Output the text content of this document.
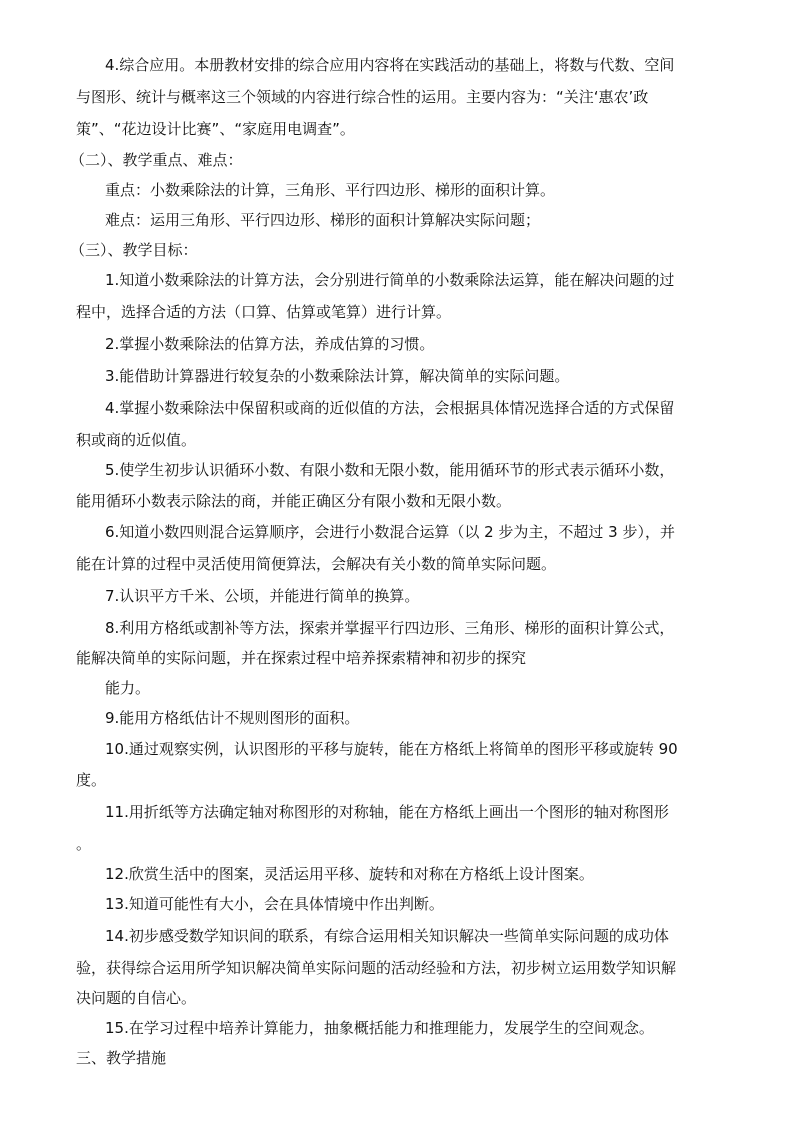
4.综合应用。本册教材安排的综合应用内容将在实践活动的基础上，将数与代数、空间
与图形、统计与概率这三个领域的内容进行综合性的运用。主要内容为：“关注‘惠农’政
策”、“花边设计比赛”、“家庭用电调查”。
（二）、教学重点、难点：
重点：小数乘除法的计算，三角形、平行四边形、梯形的面积计算。
难点：运用三角形、平行四边形、梯形的面积计算解决实际问题；
（三）、教学目标：
1.知道小数乘除法的计算方法，会分别进行简单的小数乘除法运算，能在解决问题的过
程中，选择合适的方法（口算、估算或笔算）进行计算。
2.掌握小数乘除法的估算方法，养成估算的习惯。
3.能借助计算器进行较复杂的小数乘除法计算，解决简单的实际问题。
4.掌握小数乘除法中保留积或商的近似值的方法，会根据具体情况选择合适的方式保留
积或商的近似值。
5.使学生初步认识循环小数、有限小数和无限小数，能用循环节的形式表示循环小数，
能用循环小数表示除法的商，并能正确区分有限小数和无限小数。
6.知道小数四则混合运算顺序，会进行小数混合运算（以 2 步为主，不超过 3 步），并
能在计算的过程中灵活使用简便算法，会解决有关小数的简单实际问题。
7.认识平方千米、公顷，并能进行简单的换算。
8.利用方格纸或割补等方法，探索并掌握平行四边形、三角形、梯形的面积计算公式，
能解决简单的实际问题，并在探索过程中培养探索精神和初步的探究
能力。
9.能用方格纸估计不规则图形的面积。
10.通过观察实例，认识图形的平移与旋转，能在方格纸上将简单的图形平移或旋转 90
度。
11.用折纸等方法确定轴对称图形的对称轴，能在方格纸上画出一个图形的轴对称图形
。
12.欣赏生活中的图案，灵活运用平移、旋转和对称在方格纸上设计图案。
13.知道可能性有大小，会在具体情境中作出判断。
14.初步感受数学知识间的联系，有综合运用相关知识解决一些简单实际问题的成功体
验，获得综合运用所学知识解决简单实际问题的活动经验和方法，初步树立运用数学知识解
决问题的自信心。
15.在学习过程中培养计算能力，抽象概括能力和推理能力，发展学生的空间观念。
三、教学措施
